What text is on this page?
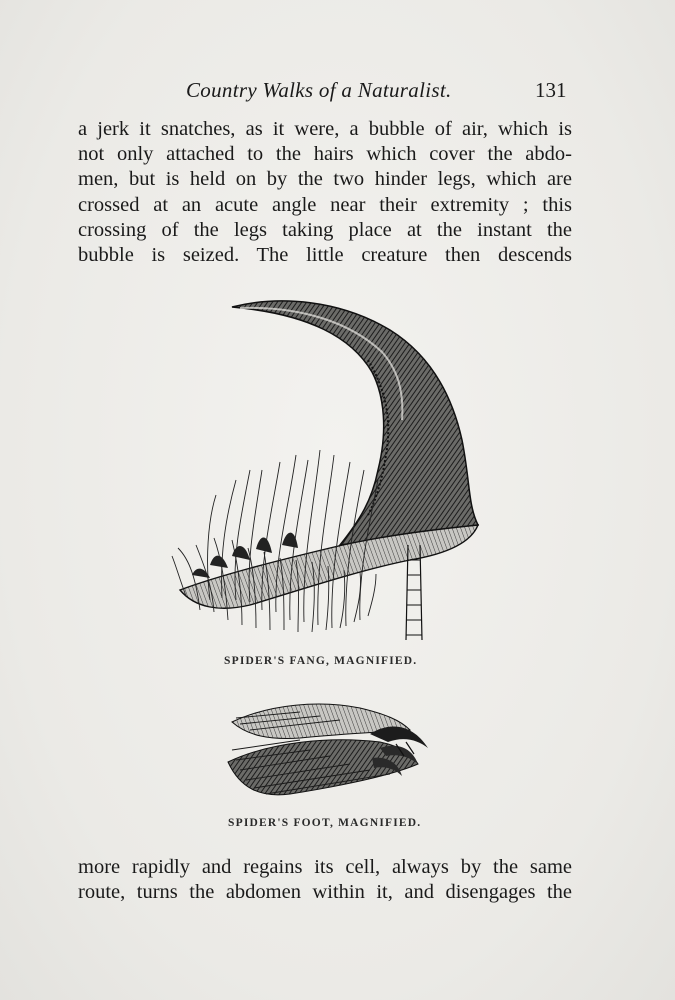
Country Walks of a Naturalist.	131

a jerk it snatches, as it were, a bubble of air, which is
not only attached to the hairs which cover the abdo-
men, but is held on by the two hinder legs, which are
crossed at an acute angle near their extremity ; this
crossing of the legs taking place at the instant the
bubble is seized. The little creature then descends

SPIDER'S FANG, MAGNIFIED.
SPIDER'S FOOT, MAGNIFIED.

more rapidly and regains its cell, always by the same
route, turns the abdomen within it, and disengages the
